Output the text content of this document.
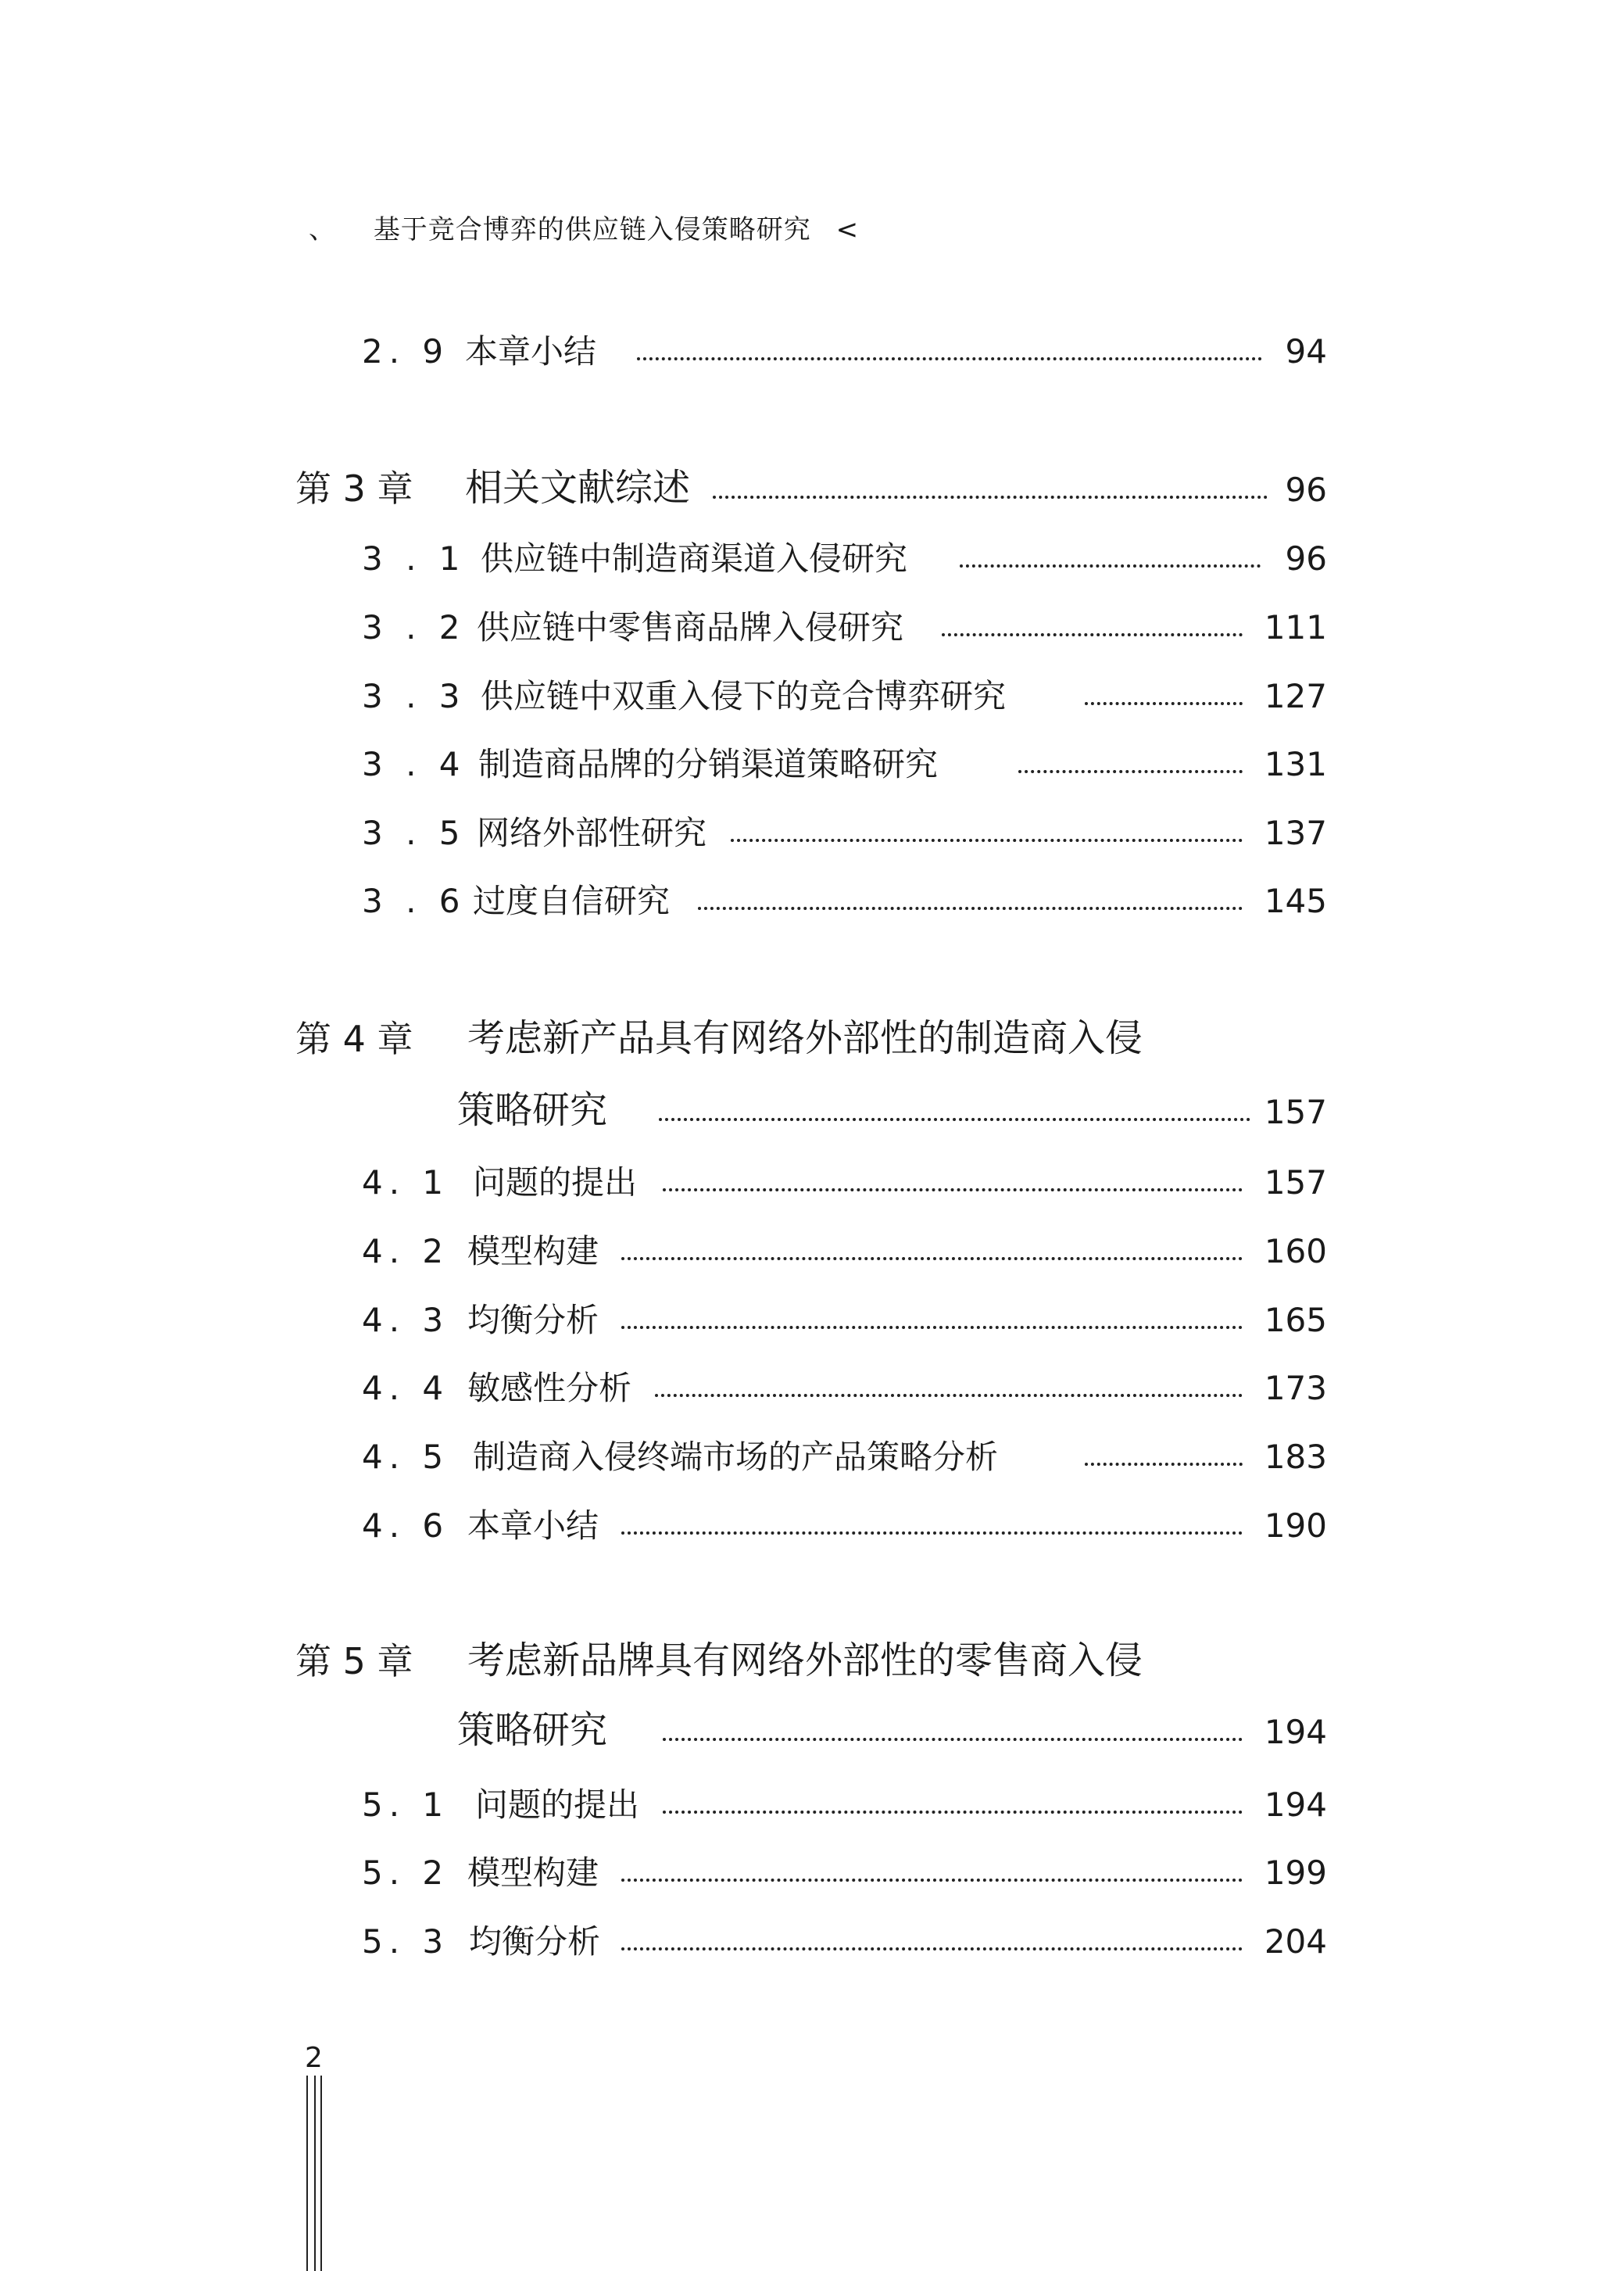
、 基于竞合博弈的供应链入侵策略研究 <
2. 9 本章小结	94
第 3 章 相关文献综述	96
3 . 1 供应链中制造商渠道入侵研究	96
3 . 2 供应链中零售商品牌入侵研究	111
3 . 3 供应链中双重入侵下的竞合博弈研究	127
3 . 4 制造商品牌的分销渠道策略研究	131
3 . 5 网络外部性研究	137
3 . 6 过度自信研究	145
第 4 章 考虑新产品具有网络外部性的制造商入侵
策略研究	157
4. 1 问题的提出	157
4. 2 模型构建	160
4. 3 均衡分析	165
4. 4 敏感性分析	173
4. 5 制造商入侵终端市场的产品策略分析	183
4. 6 本章小结	190
第 5 章 考虑新品牌具有网络外部性的零售商入侵
策略研究	194
5. 1 问题的提出	194
5. 2 模型构建	199
5. 3 均衡分析	204
2
